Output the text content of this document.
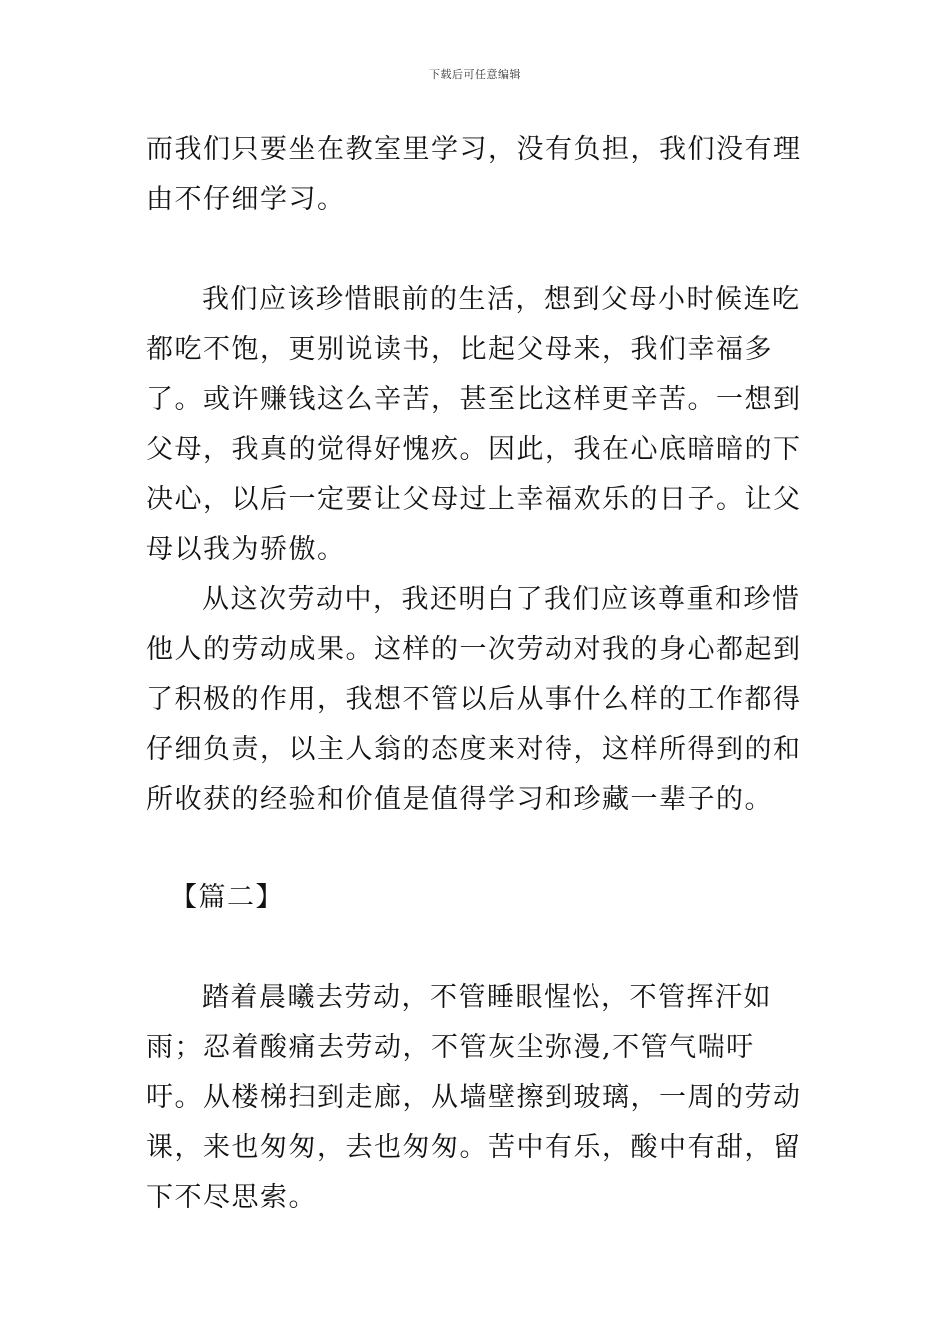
下载后可任意编辑

而我们只要坐在教室里学习，没有负担，我们没有理由不仔细学习。

我们应该珍惜眼前的生活，想到父母小时候连吃都吃不饱，更别说读书，比起父母来，我们幸福多了。或许赚钱这么辛苦，甚至比这样更辛苦。一想到父母，我真的觉得好愧疚。因此，我在心底暗暗的下决心，以后一定要让父母过上幸福欢乐的日子。让父母以我为骄傲。

从这次劳动中，我还明白了我们应该尊重和珍惜他人的劳动成果。这样的一次劳动对我的身心都起到了积极的作用，我想不管以后从事什么样的工作都得仔细负责，以主人翁的态度来对待，这样所得到的和所收获的经验和价值是值得学习和珍藏一辈子的。

【篇二】

踏着晨曦去劳动，不管睡眼惺忪，不管挥汗如雨；忍着酸痛去劳动，不管灰尘弥漫,不管气喘吁吁。从楼梯扫到走廊，从墙壁擦到玻璃，一周的劳动课，来也匆匆，去也匆匆。苦中有乐，酸中有甜，留下不尽思索。
